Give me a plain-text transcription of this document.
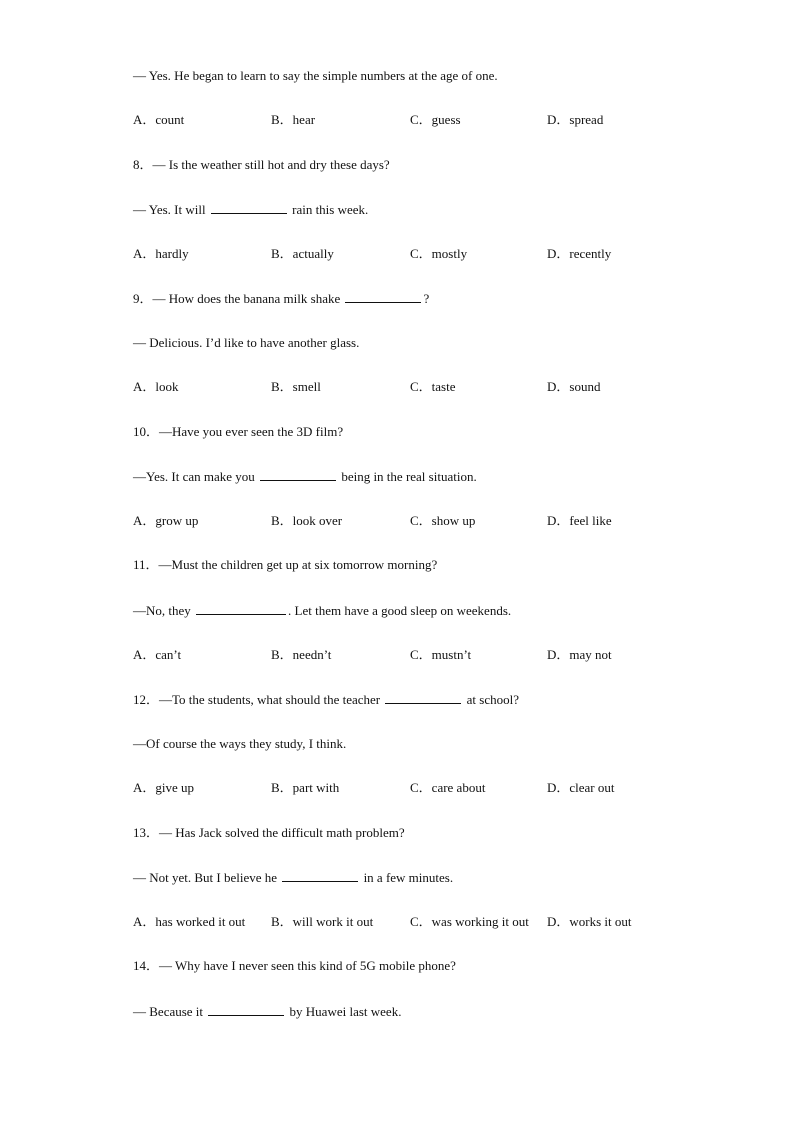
— Yes. He began to learn to say the simple numbers at the age of one.
A．count	B．hear	C．guess	D．spread
8．— Is the weather still hot and dry these days?
— Yes. It will	rain this week.
A．hardly	B．actually	C．mostly	D．recently
9．— How does the banana milk shake	?
— Delicious. I’d like to have another glass.
A．look	B．smell	C．taste	D．sound
10．—Have you ever seen the 3D film?
—Yes. It can make you	being in the real situation.
A．grow up	B．look over	C．show up	D．feel like
11．—Must the children get up at six tomorrow morning?
—No, they	. Let them have a good sleep on weekends.
A．can’t	B．needn’t	C．mustn’t	D．may not
12．—To the students, what should the teacher	at school?
—Of course the ways they study, I think.
A．give up	B．part with	C．care about	D．clear out
13．— Has Jack solved the difficult math problem?
— Not yet. But I believe he	in a few minutes.
A．has worked it out B．will work it out	C．was working it out D．works it out
14．— Why have I never seen this kind of 5G mobile phone?
— Because it	by Huawei last week.
